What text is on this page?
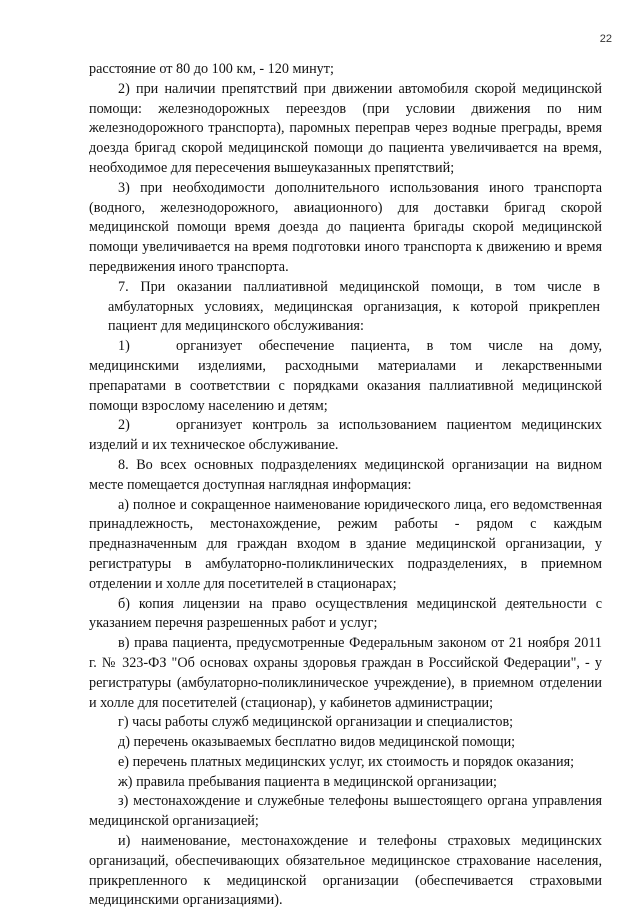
22

расстояние от 80 до 100 км, - 120 минут;

2) при наличии препятствий при движении автомобиля скорой медицинской помощи: железнодорожных переездов (при условии движения по ним железнодорожного транспорта), паромных переправ через водные преграды, время доезда бригад скорой медицинской помощи до пациента увеличивается на время, необходимое для пересечения вышеуказанных препятствий;

3) при необходимости дополнительного использования иного транспорта (водного, железнодорожного, авиационного) для доставки бригад скорой медицинской помощи время доезда до пациента бригады скорой медицинской помощи увеличивается на время подготовки иного транспорта к движению и время передвижения иного транспорта.

7. При оказании паллиативной медицинской помощи, в том числе в амбулаторных условиях, медицинская организация, к которой прикреплен пациент для медицинского обслуживания:

1)	организует обеспечение пациента, в том числе на дому, медицинскими изделиями, расходными материалами и лекарственными препаратами в соответствии с порядками оказания паллиативной медицинской помощи взрослому населению и детям;

2)	организует контроль за использованием пациентом медицинских изделий и их техническое обслуживание.

8. Во всех основных подразделениях медицинской организации на видном месте помещается доступная наглядная информация:

а) полное и сокращенное наименование юридического лица, его ведомственная принадлежность, местонахождение, режим работы - рядом с каждым предназначенным для граждан входом в здание медицинской организации, у регистратуры в амбулаторно-поликлинических подразделениях, в приемном отделении и холле для посетителей в стационарах;

б) копия лицензии на право осуществления медицинской деятельности с указанием перечня разрешенных работ и услуг;

в) права пациента, предусмотренные Федеральным законом от 21 ноября 2011 г. № 323-ФЗ "Об основах охраны здоровья граждан в Российской Федерации", - у регистратуры (амбулаторно-поликлиническое учреждение), в приемном отделении и холле для посетителей (стационар), у кабинетов администрации;

г) часы работы служб медицинской организации и специалистов;

д) перечень оказываемых бесплатно видов медицинской помощи;

е) перечень платных медицинских услуг, их стоимость и порядок оказания;

ж) правила пребывания пациента в медицинской организации;

з) местонахождение и служебные телефоны вышестоящего органа управления медицинской организацией;

и) наименование, местонахождение и телефоны страховых медицинских организаций, обеспечивающих обязательное медицинское страхование населения, прикрепленного к медицинской организации (обеспечивается страховыми медицинскими организациями).
